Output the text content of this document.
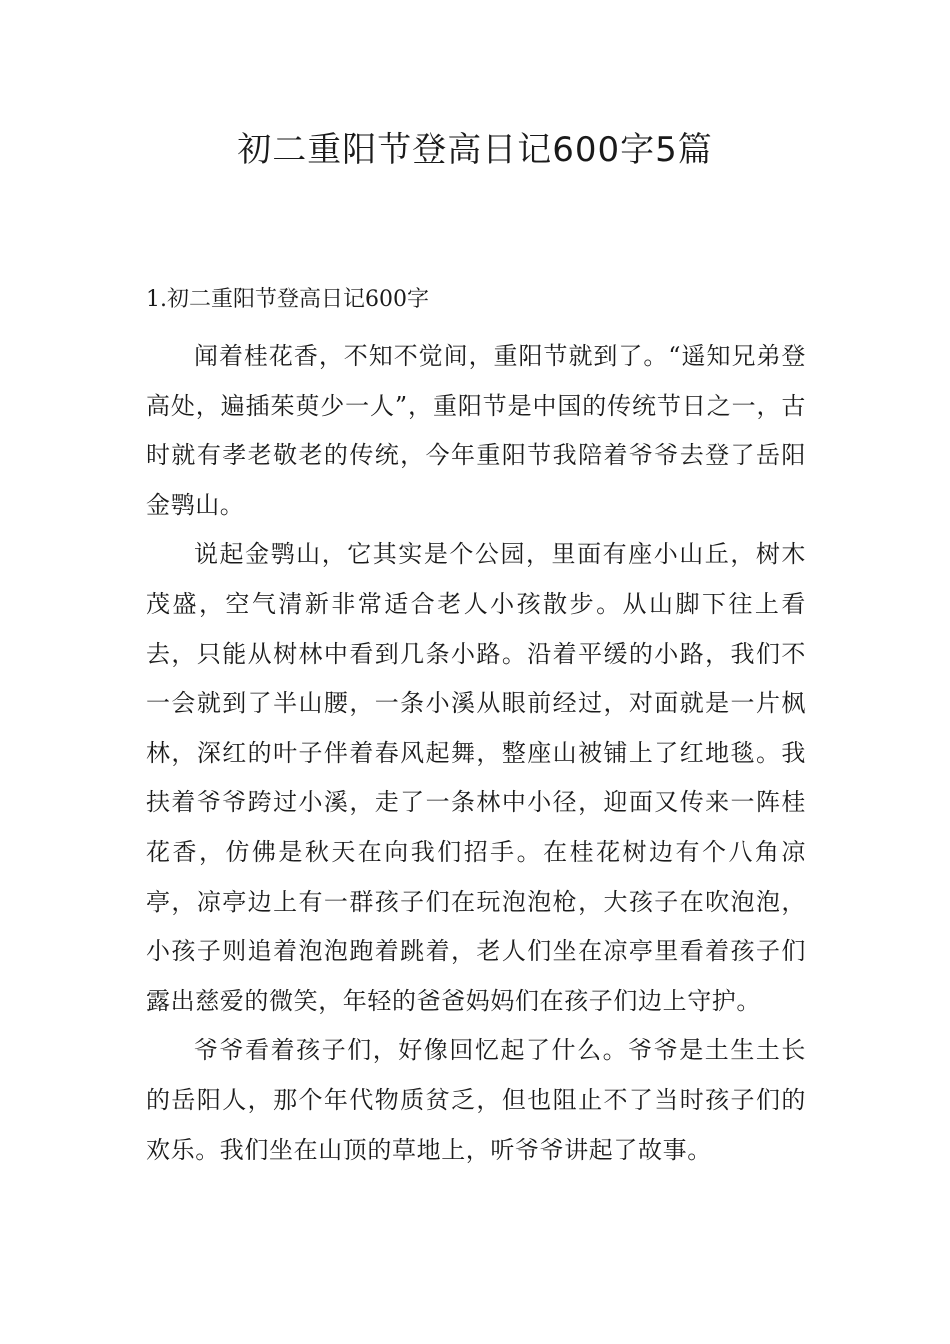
初二重阳节登高日记600字5篇
1.初二重阳节登高日记600字

闻着桂花香，不知不觉间，重阳节就到了。“遥知兄弟登高处，遍插茱萸少一人”，重阳节是中国的传统节日之一，古时就有孝老敬老的传统，今年重阳节我陪着爷爷去登了岳阳金鹗山。

说起金鹗山，它其实是个公园，里面有座小山丘，树木茂盛，空气清新非常适合老人小孩散步。从山脚下往上看去，只能从树林中看到几条小路。沿着平缓的小路，我们不一会就到了半山腰，一条小溪从眼前经过，对面就是一片枫林，深红的叶子伴着春风起舞，整座山被铺上了红地毯。我扶着爷爷跨过小溪，走了一条林中小径，迎面又传来一阵桂花香，仿佛是秋天在向我们招手。在桂花树边有个八角凉亭，凉亭边上有一群孩子们在玩泡泡枪，大孩子在吹泡泡，小孩子则追着泡泡跑着跳着，老人们坐在凉亭里看着孩子们露出慈爱的微笑，年轻的爸爸妈妈们在孩子们边上守护。

爷爷看着孩子们，好像回忆起了什么。爷爷是土生土长的岳阳人，那个年代物质贫乏，但也阻止不了当时孩子们的欢乐。我们坐在山顶的草地上，听爷爷讲起了故事。
